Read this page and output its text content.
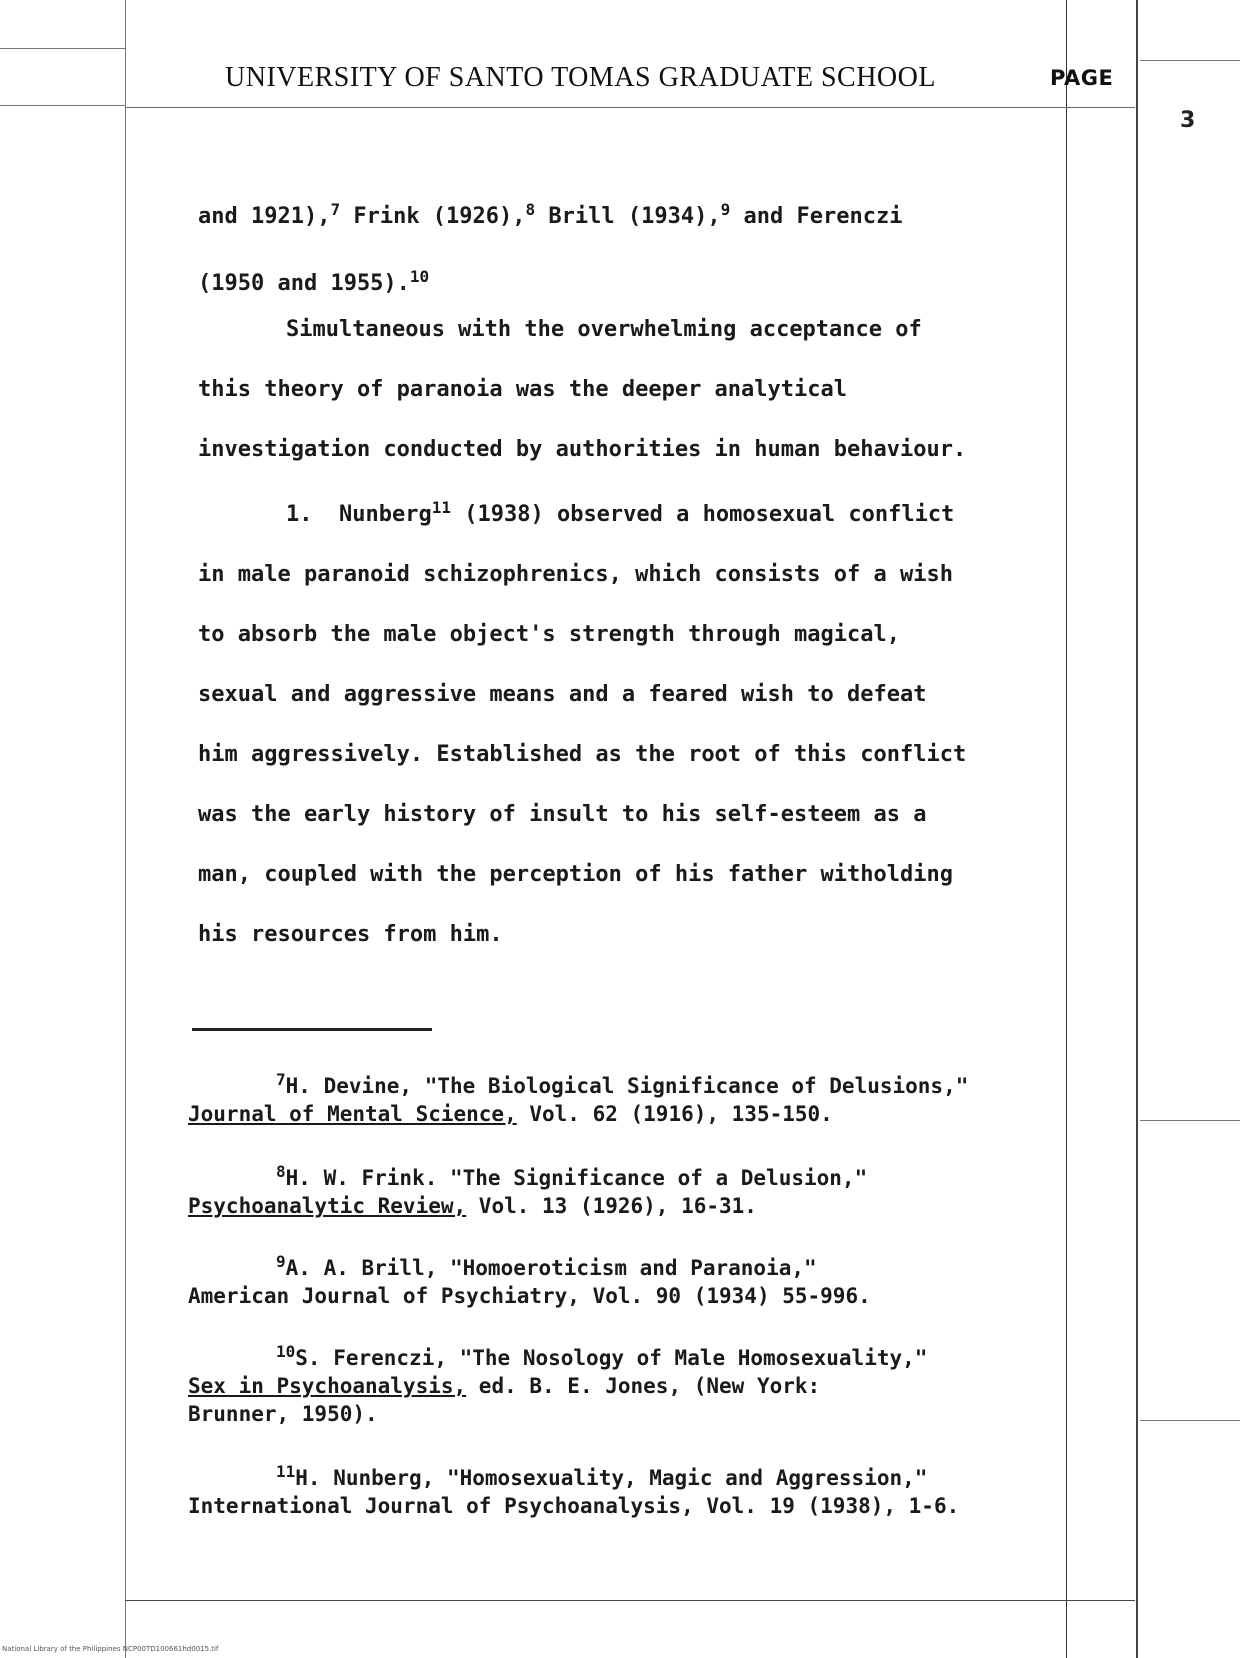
UNIVERSITY OF SANTO TOMAS GRADUATE SCHOOL	PAGE
3
and 1921),$^7$ Frink (1926),$^8$ Brill (1934),$^9$ and Ferenczi
(1950 and 1955).$^{10}$
Simultaneous with the overwhelming acceptance of
this theory of paranoia was the deeper analytical
investigation conducted by authorities in human behaviour.
1. Nunberg$^{11}$ (1938) observed a homosexual conflict
in male paranoid schizophrenics, which consists of a wish
to absorb the male object's strength through magical,
sexual and aggressive means and a feared wish to defeat
him aggressively. Established as the root of this conflict
was the early history of insult to his self-esteem as a
man, coupled with the perception of his father witholding
his resources from him.
$^7$H. Devine, "The Biological Significance of Delusions,"
Journal of Mental Science, Vol. 62 (1916), 135-150.
$^8$H. W. Frink. "The Significance of a Delusion,"
Psychoanalytic Review, Vol. 13 (1926), 16-31.
$^9$A. A. Brill, "Homoeroticism and Paranoia,"
American Journal of Psychiatry, Vol. 90 (1934) 55-996.
$^{10}$S. Ferenczi, "The Nosology of Male Homosexuality,"
Sex in Psychoanalysis, ed. B. E. Jones, (New York:
Brunner, 1950).
$^{11}$H. Nunberg, "Homosexuality, Magic and Aggression,"
International Journal of Psychoanalysis, Vol. 19 (1938), 1-6.
National Library of the Philippines NCP00TD100661hd0015.tif
